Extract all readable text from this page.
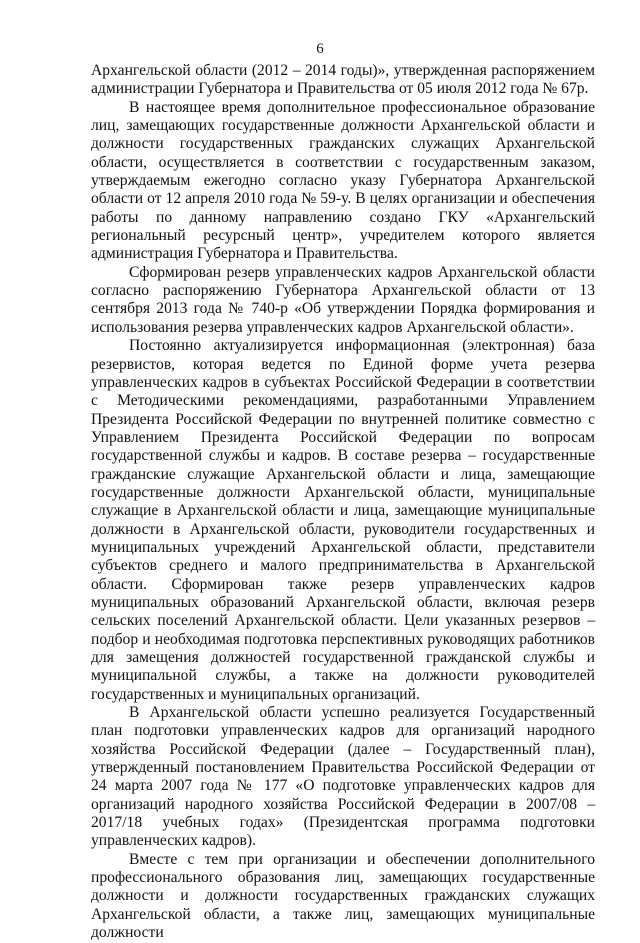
6

Архангельской области (2012 – 2014 годы)», утвержденная распоряжением администрации Губернатора и Правительства от 05 июля 2012 года № 67р.

В настоящее время дополнительное профессиональное образование лиц, замещающих государственные должности Архангельской области и должности государственных гражданских служащих Архангельской области, осуществляется в соответствии с государственным заказом, утверждаемым ежегодно согласно указу Губернатора Архангельской области от 12 апреля 2010 года № 59-у. В целях организации и обеспечения работы по данному направлению создано ГКУ «Архангельский региональный ресурсный центр», учредителем которого является администрация Губернатора и Правительства.

Сформирован резерв управленческих кадров Архангельской области согласно распоряжению Губернатора Архангельской области от 13 сентября 2013 года № 740-р «Об утверждении Порядка формирования и использования резерва управленческих кадров Архангельской области».

Постоянно актуализируется информационная (электронная) база резервистов, которая ведется по Единой форме учета резерва управленческих кадров в субъектах Российской Федерации в соответствии с Методическими рекомендациями, разработанными Управлением Президента Российской Федерации по внутренней политике совместно с Управлением Президента Российской Федерации по вопросам государственной службы и кадров. В составе резерва – государственные гражданские служащие Архангельской области и лица, замещающие государственные должности Архангельской области, муниципальные служащие в Архангельской области и лица, замещающие муниципальные должности в Архангельской области, руководители государственных и муниципальных учреждений Архангельской области, представители субъектов среднего и малого предпринимательства в Архангельской области. Сформирован также резерв управленческих кадров муниципальных образований Архангельской области, включая резерв сельских поселений Архангельской области. Цели указанных резервов – подбор и необходимая подготовка перспективных руководящих работников для замещения должностей государственной гражданской службы и муниципальной службы, а также на должности руководителей государственных и муниципальных организаций.

В Архангельской области успешно реализуется Государственный план подготовки управленческих кадров для организаций народного хозяйства Российской Федерации (далее – Государственный план), утвержденный постановлением Правительства Российской Федерации от 24 марта 2007 года № 177 «О подготовке управленческих кадров для организаций народного хозяйства Российской Федерации в 2007/08 – 2017/18 учебных годах» (Президентская программа подготовки управленческих кадров).

Вместе с тем при организации и обеспечении дополнительного профессионального образования лиц, замещающих государственные должности и должности государственных гражданских служащих Архангельской области, а также лиц, замещающих муниципальные должности
